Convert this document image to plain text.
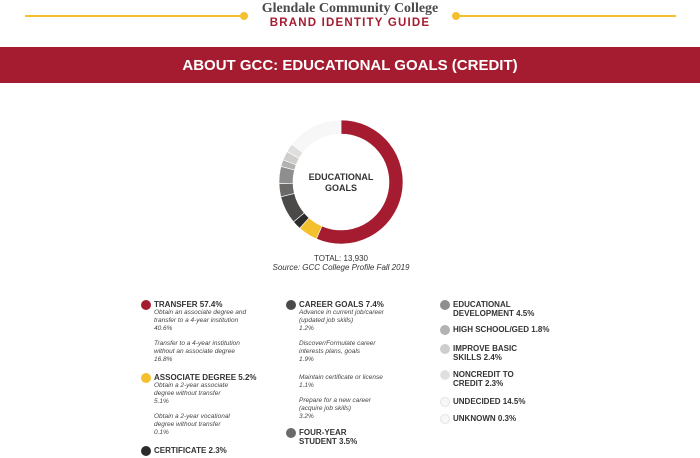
Glendale Community College
BRAND IDENTITY GUIDE
ABOUT GCC: EDUCATIONAL GOALS (CREDIT)
EDUCATIONAL
GOALS
TOTAL: 13,930
Source: GCC College Profile Fall 2019
TRANSFER 57.4%
Obtain an associate degree and
transfer to a 4-year institution
40.6%
Transfer to a 4-year institution
without an associate degree
16.8%
ASSOCIATE DEGREE 5.2%
Obtain a 2-year associate
degree without transfer
5.1%
Obtain a 2-year vocational
degree without transfer
0.1%
CERTIFICATE 2.3%
CAREER GOALS 7.4%
Advance in current job/career
(updated job skills)
1.2%
Discover/Formulate career
interests plans, goals
1.9%
Maintain certificate or license
1.1%
Prepare for a new career
(acquire job skills)
3.2%
FOUR-YEAR
STUDENT 3.5%
EDUCATIONAL
DEVELOPMENT 4.5%
HIGH SCHOOL/GED 1.8%
IMPROVE BASIC
SKILLS 2.4%
NONCREDIT TO
CREDIT 2.3%
UNDECIDED 14.5%
UNKNOWN 0.3%
